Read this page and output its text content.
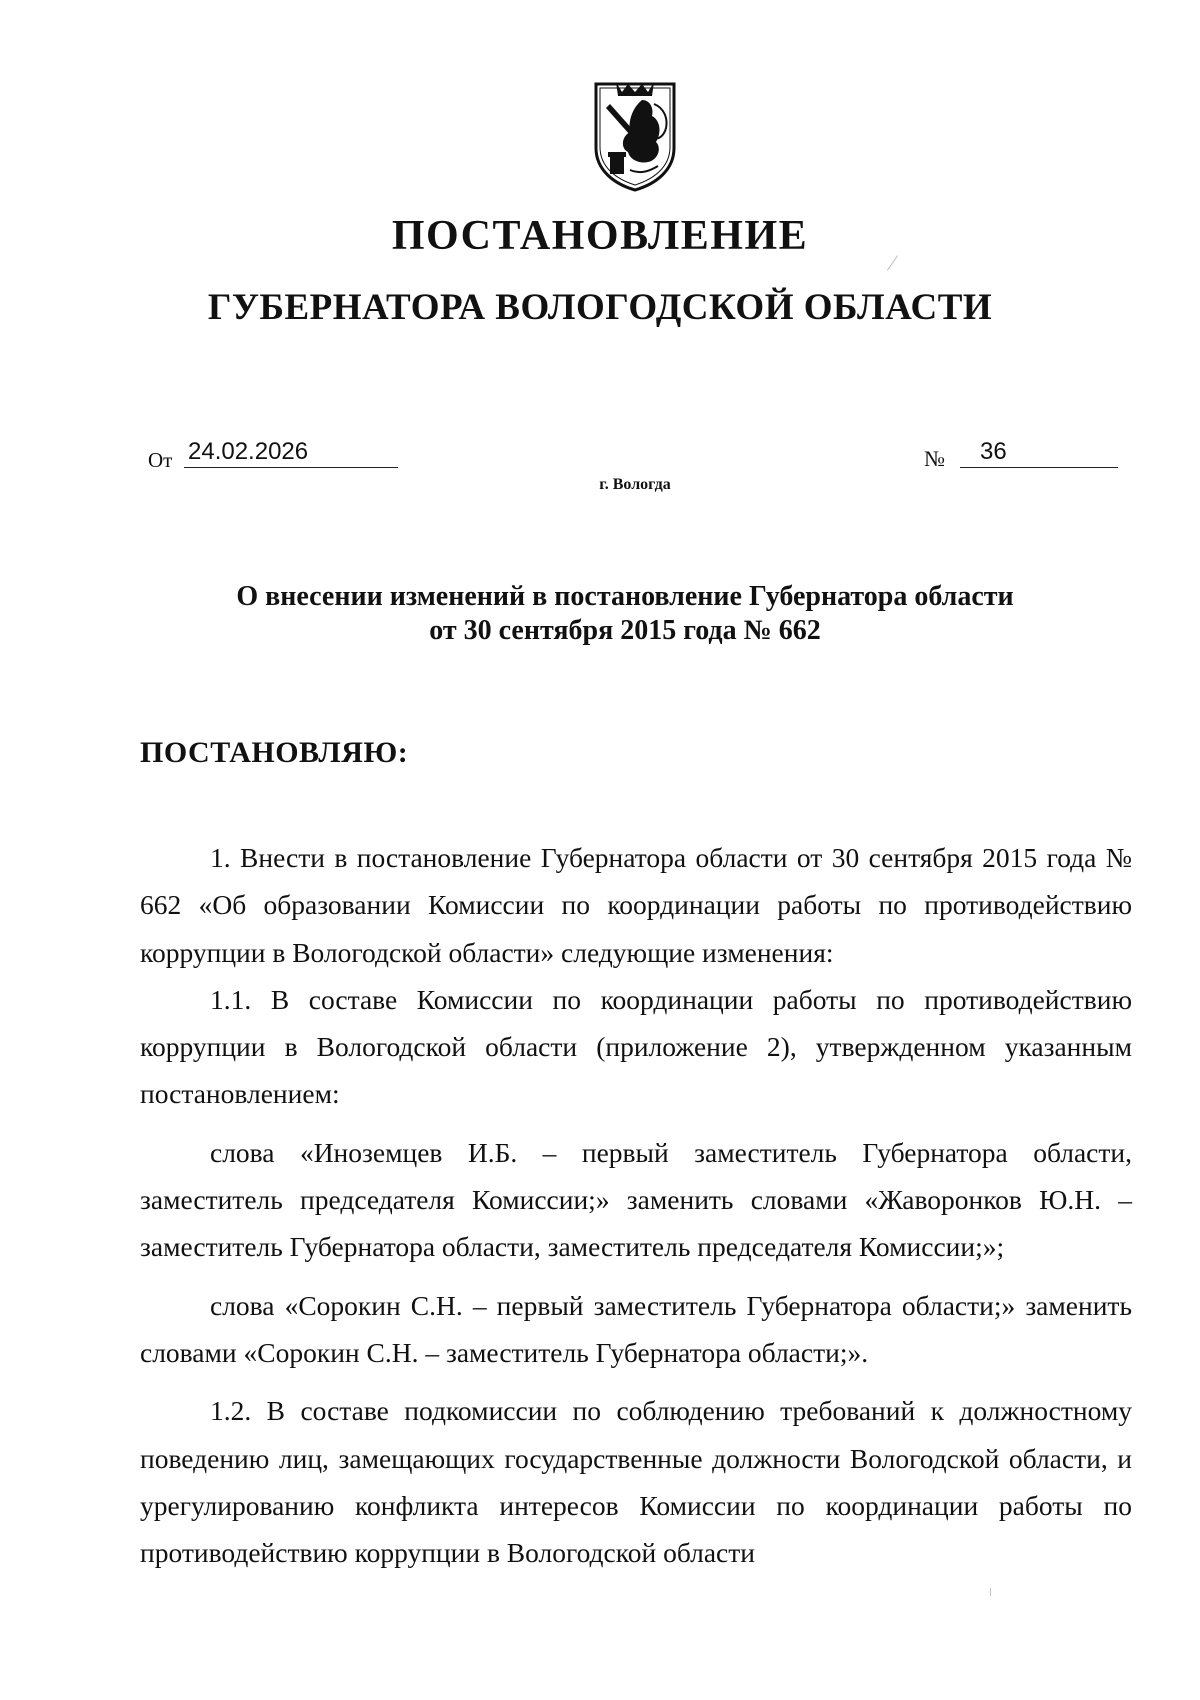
ПОСТАНОВЛЕНИЕ
ГУБЕРНАТОРА ВОЛОГОДСКОЙ ОБЛАСТИ
От 24.02.2026	№	36
г. Вологда
О внесении изменений в постановление Губернатора области
от 30 сентября 2015 года № 662
ПОСТАНОВЛЯЮ:

1. Внести в постановление Губернатора области от 30 сентября 2015 года № 662 «Об образовании Комиссии по координации работы по противодействию коррупции в Вологодской области» следующие изменения:

1.1. В составе Комиссии по координации работы по противодействию коррупции в Вологодской области (приложение 2), утвержденном указанным постановлением:

слова «Иноземцев И.Б. – первый заместитель Губернатора области, заместитель председателя Комиссии;» заменить словами «Жаворонков Ю.Н. – заместитель Губернатора области, заместитель председателя Комиссии;»;

слова «Сорокин С.Н. – первый заместитель Губернатора области;» заменить словами «Сорокин С.Н. – заместитель Губернатора области;».

1.2. В составе подкомиссии по соблюдению требований к должностному поведению лиц, замещающих государственные должности Вологодской области, и урегулированию конфликта интересов Комиссии по координации работы по противодействию коррупции в Вологодской области
